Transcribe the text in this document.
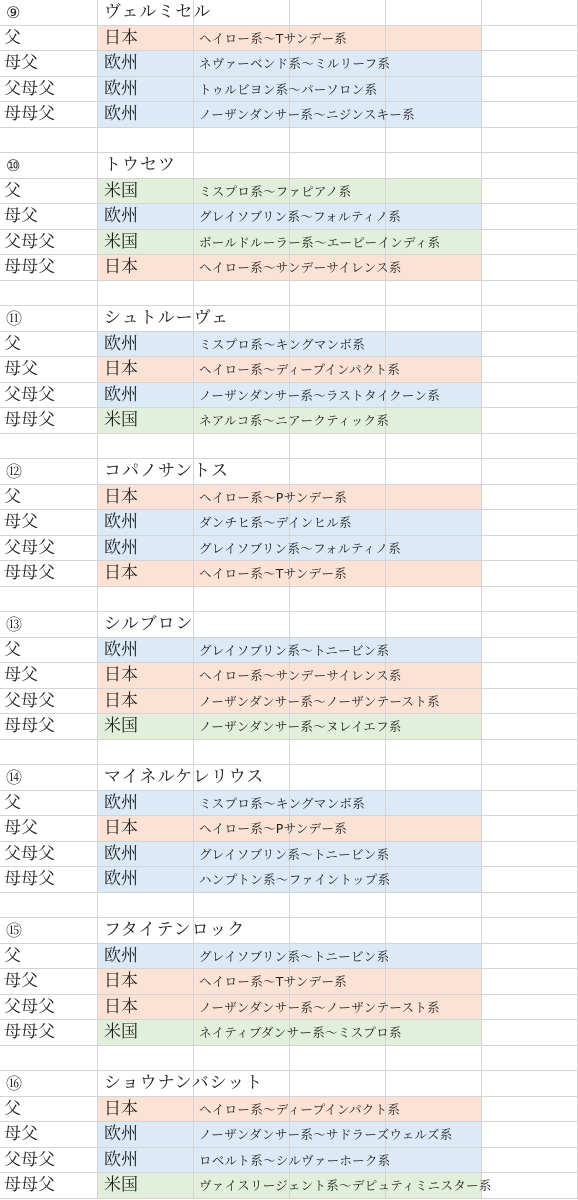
⑨	ヴェルミセル
父	日本	ヘイロー系～Tサンデー系
母父	欧州	ネヴァーベンド系～ミルリーフ系
父母父	欧州	トゥルビヨン系～パーソロン系
母母父	欧州	ノーザンダンサー系～ニジンスキー系
⑩	トウセツ
父	米国	ミスプロ系～ファピアノ系
母父	欧州	グレイソブリン系～フォルティノ系
父母父	米国	ボールドルーラー系～エーピーインディ系
母母父	日本	ヘイロー系～サンデーサイレンス系
⑪	シュトルーヴェ
父	欧州	ミスプロ系～キングマンボ系
母父	日本	ヘイロー系～ディープインパクト系
父母父	欧州	ノーザンダンサー系～ラストタイクーン系
母母父	米国	ネアルコ系～ニアークティック系
⑫	コパノサントス
父	日本	ヘイロー系～Pサンデー系
母父	欧州	ダンチヒ系～デインヒル系
父母父	欧州	グレイソブリン系～フォルティノ系
母母父	日本	ヘイロー系～Tサンデー系
⑬	シルブロン
父	欧州	グレイソブリン系～トニービン系
母父	日本	ヘイロー系～サンデーサイレンス系
父母父	日本	ノーザンダンサー系～ノーザンテースト系
母母父	米国	ノーザンダンサー系～ヌレイエフ系
⑭	マイネルケレリウス
父	欧州	ミスプロ系～キングマンボ系
母父	日本	ヘイロー系～Pサンデー系
父母父	欧州	グレイソブリン系～トニービン系
母母父	欧州	ハンプトン系～ファイントップ系
⑮	フタイテンロック
父	欧州	グレイソブリン系～トニービン系
母父	日本	ヘイロー系～Tサンデー系
父母父	日本	ノーザンダンサー系～ノーザンテースト系
母母父	米国	ネイティブダンサー系～ミスプロ系
⑯	ショウナンバシット
父	日本	ヘイロー系～ディープインパクト系
母父	欧州	ノーザンダンサー系～サドラーズウェルズ系
父母父	欧州	ロベルト系～シルヴァーホーク系
母母父	米国	ヴァイスリージェント系～デピュティミニスター系
